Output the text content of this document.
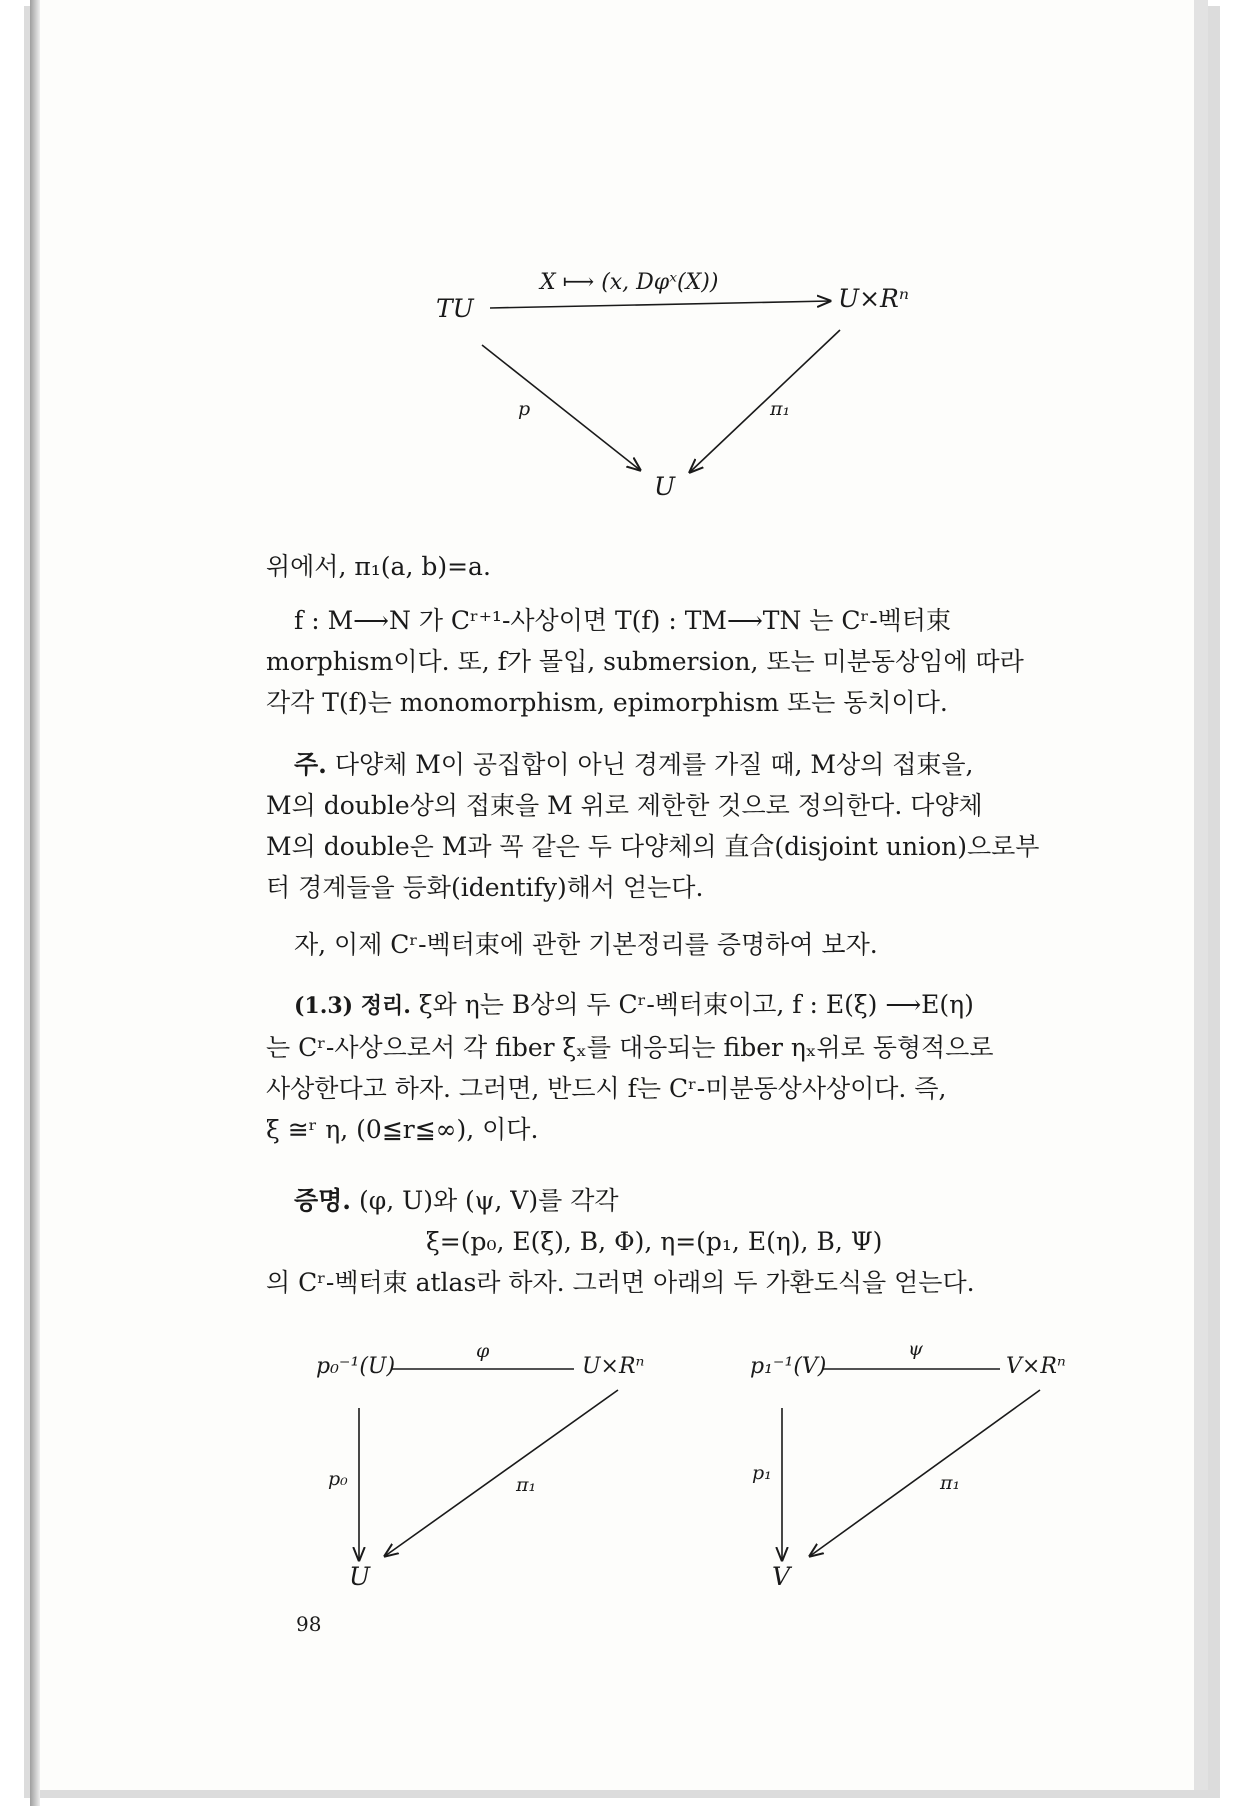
TU	U×Rⁿ
U
X ⟼ (x, Dφˣ(X))
p	π₁

위에서, π₁(a, b)=a.

f : M⟶N 가 Cʳ⁺¹-사상이면 T(f) : TM⟶TN 는 Cʳ-벡터束

morphism이다. 또, f가 몰입, submersion, 또는 미분동상임에 따라

각각 T(f)는 monomorphism, epimorphism 또는 동치이다.

주. 다양체 M이 공집합이 아닌 경계를 가질 때, M상의 접束을,

M의 double상의 접束을 M 위로 제한한 것으로 정의한다. 다양체

M의 double은 M과 꼭 같은 두 다양체의 直合(disjoint union)으로부

터 경계들을 등화(identify)해서 얻는다.

자, 이제 Cʳ-벡터束에 관한 기본정리를 증명하여 보자.

(1.3) 정리. ξ와 η는 B상의 두 Cʳ-벡터束이고, f : E(ξ) ⟶E(η)

는 Cʳ-사상으로서 각 fiber ξₓ를 대응되는 fiber ηₓ위로 동형적으로

사상한다고 하자. 그러면, 반드시 f는 Cʳ-미분동상사상이다. 즉,

ξ ≅ʳ η, (0≦r≦∞), 이다.

증명. (φ, U)와 (ψ, V)를 각각

ξ=(p₀, E(ξ), B, Φ), η=(p₁, E(η), B, Ψ)

의 Cʳ-벡터束 atlas라 하자. 그러면 아래의 두 가환도식을 얻는다.

p₀⁻¹(U)	U×Rⁿ
U
φ
p₀	π₁
p₁⁻¹(V)	V×Rⁿ
V
ψ
p₁	π₁
98
